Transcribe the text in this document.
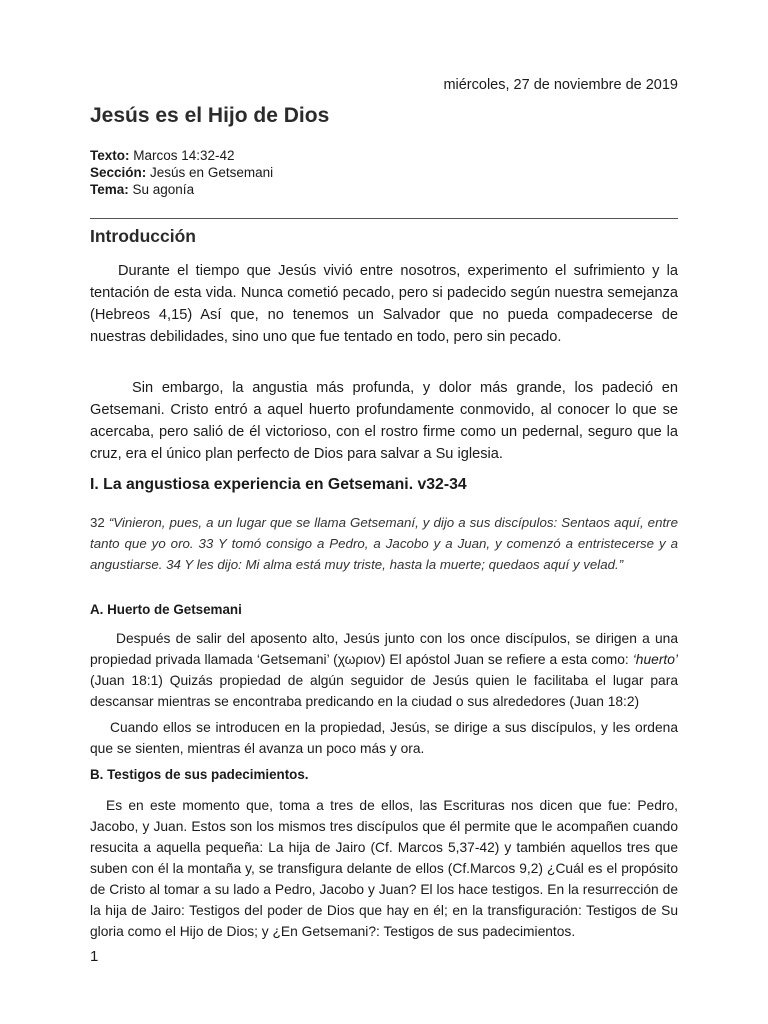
miércoles, 27 de noviembre de 2019
Jesús es el Hijo de Dios
Texto: Marcos 14:32-42
Sección: Jesús en Getsemani
Tema: Su agonía
Introducción

Durante el tiempo que Jesús vivió entre nosotros, experimento el sufrimiento y la tentación de esta vida. Nunca cometió pecado, pero si padecido según nuestra semejanza (Hebreos 4,15) Así que, no tenemos un Salvador que no pueda compadecerse de nuestras debilidades, sino uno que fue tentado en todo, pero sin pecado.

Sin embargo, la angustia más profunda, y dolor más grande, los padeció en Getsemani. Cristo entró a aquel huerto profundamente conmovido, al conocer lo que se acercaba, pero salió de él victorioso, con el rostro firme como un pedernal, seguro que la cruz, era el único plan perfecto de Dios para salvar a Su iglesia.

I. La angustiosa experiencia en Getsemani. v32-34

32 “Vinieron, pues, a un lugar que se llama Getsemaní, y dijo a sus discípulos: Sentaos aquí, entre tanto que yo oro. 33 Y tomó consigo a Pedro, a Jacobo y a Juan, y comenzó a entristecerse y a angustiarse. 34 Y les dijo: Mi alma está muy triste, hasta la muerte; quedaos aquí y velad.”

A. Huerto de Getsemani

Después de salir del aposento alto, Jesús junto con los once discípulos, se dirigen a una propiedad privada llamada ‘Getsemani’ (χωριον) El apóstol Juan se refiere a esta como: ‘huerto’ (Juan 18:1) Quizás propiedad de algún seguidor de Jesús quien le facilitaba el lugar para descansar mientras se encontraba predicando en la ciudad o sus alrededores (Juan 18:2)

Cuando ellos se introducen en la propiedad, Jesús, se dirige a sus discípulos, y les ordena que se sienten, mientras él avanza un poco más y ora.

B. Testigos de sus padecimientos.

Es en este momento que, toma a tres de ellos, las Escrituras nos dicen que fue: Pedro, Jacobo, y Juan. Estos son los mismos tres discípulos que él permite que le acompañen cuando resucita a aquella pequeña: La hija de Jairo (Cf. Marcos 5,37-42) y también aquellos tres que suben con él la montaña y, se transfigura delante de ellos (Cf.Marcos 9,2) ¿Cuál es el propósito de Cristo al tomar a su lado a Pedro, Jacobo y Juan? El los hace testigos. En la resurrección de la hija de Jairo: Testigos del poder de Dios que hay en él; en la transfiguración: Testigos de Su gloria como el Hijo de Dios; y ¿En Getsemani?: Testigos de sus padecimientos.

1
